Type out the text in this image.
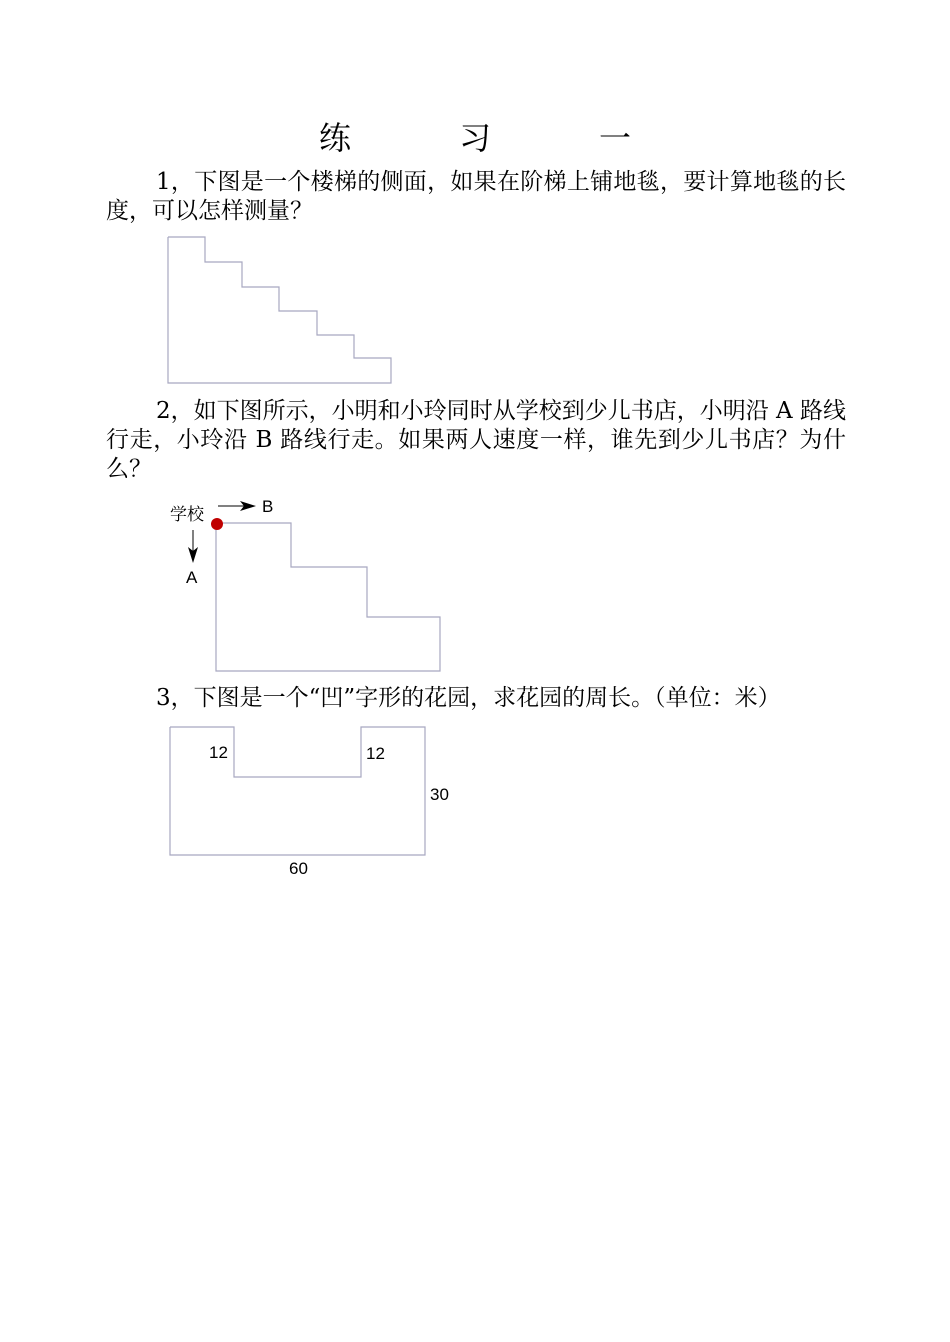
练　习　一

1，下图是一个楼梯的侧面，如果在阶梯上铺地毯，要计算地毯的长度，可以怎样测量？

2，如下图所示，小明和小玲同时从学校到少儿书店，小明沿 A 路线行走，小玲沿 B 路线行走。如果两人速度一样，谁先到少儿书店？为什么？

学校	B
A

3，下图是一个“凹”字形的花园，求花园的周长。（单位：米）

12	12
30
60
